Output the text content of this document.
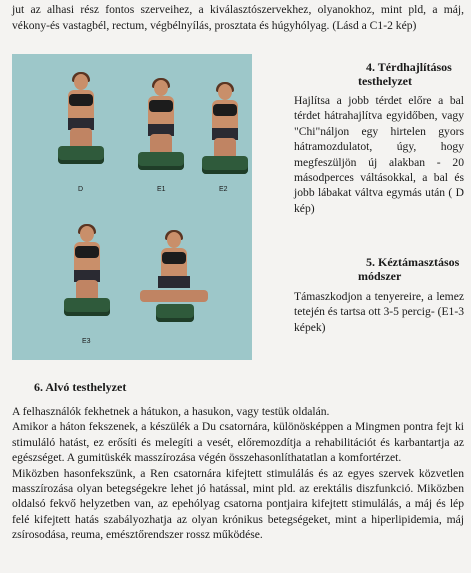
jut az alhasi rész fontos szerveihez, a kiválasztószervekhez, olyanokhoz, mint pld, a máj, vékony-és vastagbél, rectum, végbélnyílás, prosztata és húgyhólyag. (Lásd a C1-2 kép)
D	E1	E2
E3
4. Térdhajlításos
testhelyzet
Hajlítsa a jobb térdet előre a bal térdet hátrahajlítva egyidőben, vagy "Chi"náljon egy hirtelen gyors hátramozdulatot, úgy, hogy megfeszüljön új alakban - 20 másodperces váltásokkal, a bal és jobb lábakat váltva egymás után ( D kép)
5. Kéztámasztásos
módszer
Támaszkodjon a tenyereire, a lemez tetején és tartsa ott 3-5 percig- (E1-3 képek)
6. Alvó testhelyzet

A felhasználók fekhetnek a hátukon, a hasukon, vagy testük oldalán.

Amikor a háton fekszenek, a készülék a Du csatornára, különösképpen a Mingmen pontra fejt ki stimuláló hatást, ez erősíti és melegíti a vesét, előremozdítja a rehabilitációt és karbantartja az egészséget. A gumitüskék masszírozása végén összehasonlíthatatlan a komfortérzet.

Miközben hasonfekszünk, a Ren csatornára kifejtett stimulálás és az egyes szervek közvetlen masszírozása olyan betegségekre lehet jó hatással, mint pld. az erektális diszfunkció. Miközben oldalsó fekvő helyzetben van, az epehólyag csatorna pontjaira kifejtett stimulálás, a máj és lép felé kifejtett hatás szabályozhatja az olyan krónikus betegségeket, mint a hiperlipidemia, máj zsírosodása, reuma, emésztőrendszer rossz működése.
